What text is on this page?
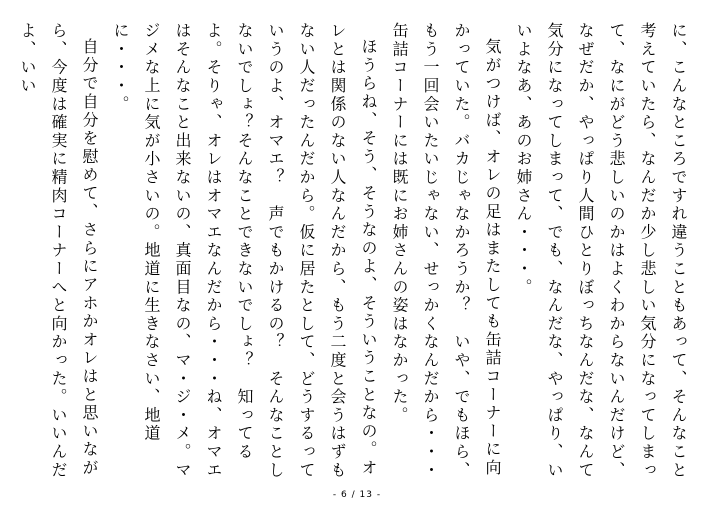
に、こんなところですれ違うこともあって、そんなこと考えていたら、なんだか少し悲しい気分になってしまって、なにがどう悲しいのかはよくわからないんだけど、なぜだか、やっぱり人間ひとりぼっちなんだな、なんて気分になってしまって、でも、なんだな、やっぱり、いいよなあ、あのお姉さん・・・。

気がつけば、オレの足はまたしても缶詰コーナーに向かっていた。バカじゃなかろうか？　いや、でもほら、もう一回会いたいじゃない、せっかくなんだから・・・缶詰コーナーには既にお姉さんの姿はなかった。

ほうらね、そう、そうなのよ、そういうことなの。オレとは関係のない人なんだから、もう二度と会うはずもない人だったんだから。仮に居たとして、どうするっていうのよ、オマエ？　声でもかけるの？　そんなことしないでしょ？そんなことできないでしょ？　知ってるよ。そりゃ、オレはオマエなんだから・・・ね、オマエはそんなこと出来ないの、真面目なの、マ・ジ・メ。マジメな上に気が小さいの。地道に生きなさい、地道に・・・。

自分で自分を慰めて、さらにアホかオレはと思いながら、今度は確実に精肉コーナーへと向かった。いいんだよ、いい

- 6 / 13 -
